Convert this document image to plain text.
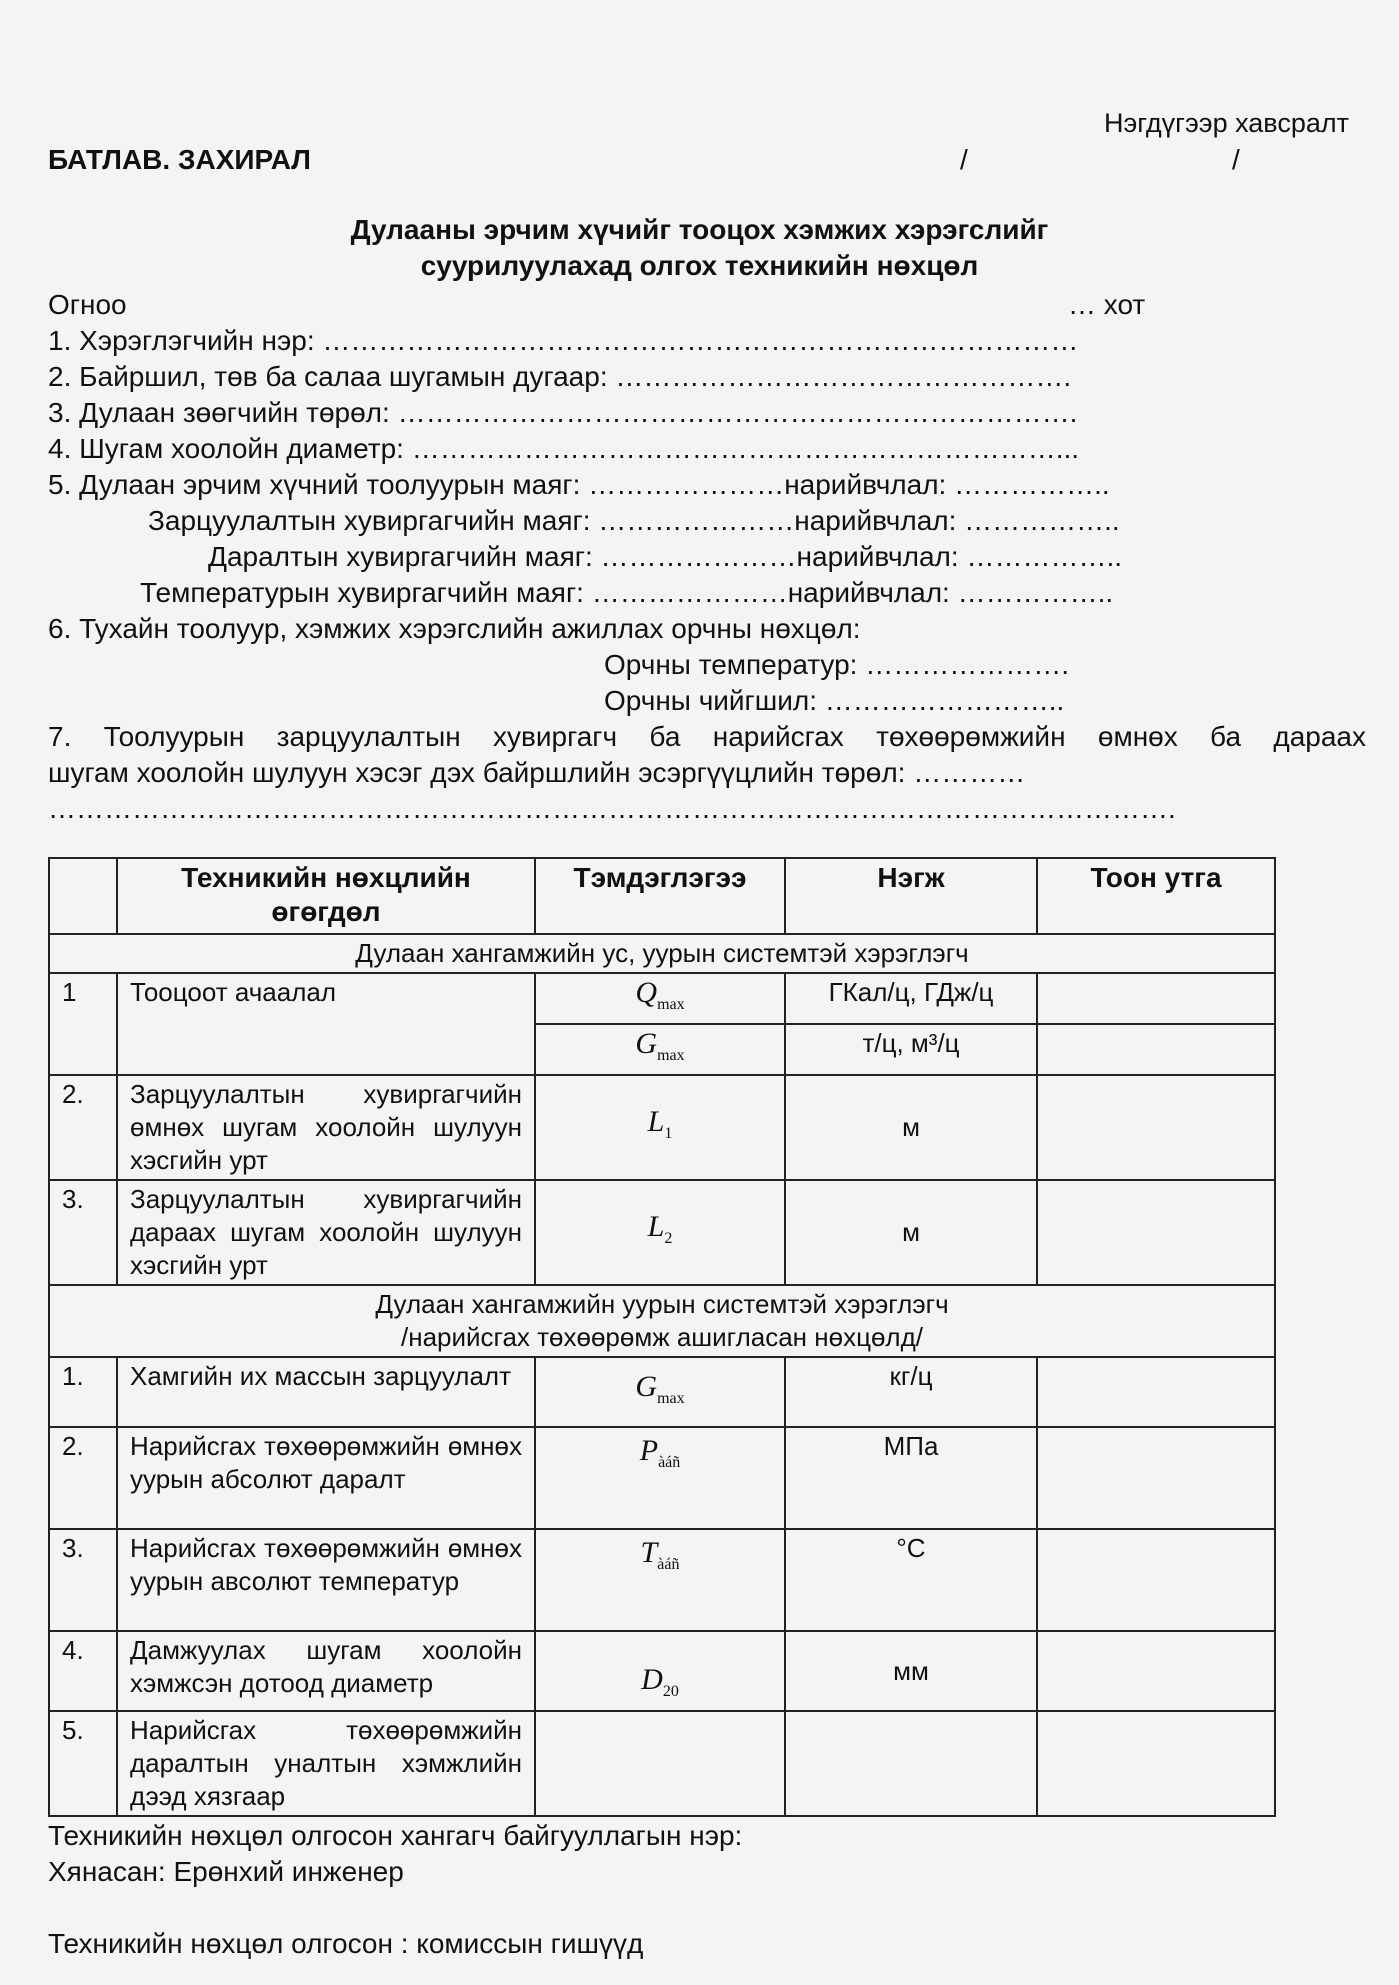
Нэгдүгээр хавсралт
БАТЛАВ. ЗАХИРАЛ	/	/
Дулааны эрчим хүчийг тооцох хэмжих хэрэгслийг
суурилуулахад олгох техникийн нөхцөл
Огноо	… хот
1. Хэрэглэгчийн нэр: ………………………………………………………………………
2. Байршил, төв ба салаа шугамын дугаар: ………………………………………….
3. Дулаан зөөгчийн төрөл: ……………………………………………………………….
4. Шугам хоолойн диаметр: ……………………………………………………………...
5. Дулаан эрчим хүчний тоолуурын маяг: …………………нарийвчлал: ……………..
Зарцуулалтын хувиргагчийн маяг: …………………нарийвчлал: ……………..
Даралтын хувиргагчийн маяг: …………………нарийвчлал: ……………..
Температурын хувиргагчийн маяг: …………………нарийвчлал: ……………..
6. Тухайн тоолуур, хэмжих хэрэгслийн ажиллах орчны нөхцөл:
Орчны температур: ………………….
Орчны чийгшил: ……………………..
7. Тоолуурын зарцуулалтын хувиргагч ба нарийсгах төхөөрөмжийн өмнөх ба дараах
шугам хоолойн шулуун хэсэг дэх байршлийн эсэргүүцлийн төрөл: …………
………………………………………………………………………………………………………….
	Техникийн нөхцлийн өгөгдөл	Тэмдэглэгээ	Нэгж	Тоон утга
Дулаан хангамжийн ус, уурын системтэй хэрэглэгч				
1	Тооцоот ачаалал	$Q_{max}$	ГКал/ц, ГДж/ц	
		$G_{max}$	т/ц, м³/ц	
2.	Зарцуулалтын хувиргагчийн өмнөх шугам хоолойн шулуун хэсгийн урт	$L_1$	м	
3.	Зарцуулалтын хувиргагчийн дараах шугам хоолойн шулуун хэсгийн урт	$L_2$	м	

Дулаан хангамжийн уурын системтэй хэрэглэгч
/нарийсгах төхөөрөмж ашигласан нөхцөлд/				

1.	Хамгийн их массын зарцуулалт	$G_{max}$	кг/ц	
2.	Нарийсгах төхөөрөмжийн өмнөх уурын абсолют даралт	$P_{àáñ}$	МПа	
3.	Нарийсгах төхөөрөмжийн өмнөх уурын авсолют температур	$T_{àáñ}$	°C	
4.	Дамжуулах шугам хоолойн хэмжсэн дотоод диаметр	$D_{20}$	мм	
5.	Нарийсгах төхөөрөмжийн даралтын уналтын хэмжлийн дээд хязгаар			
Техникийн нөхцөл олгосон хангагч байгууллагын нэр:
Хянасан: Ерөнхий инженер
Техникийн нөхцөл олгосон : комиссын гишүүд
